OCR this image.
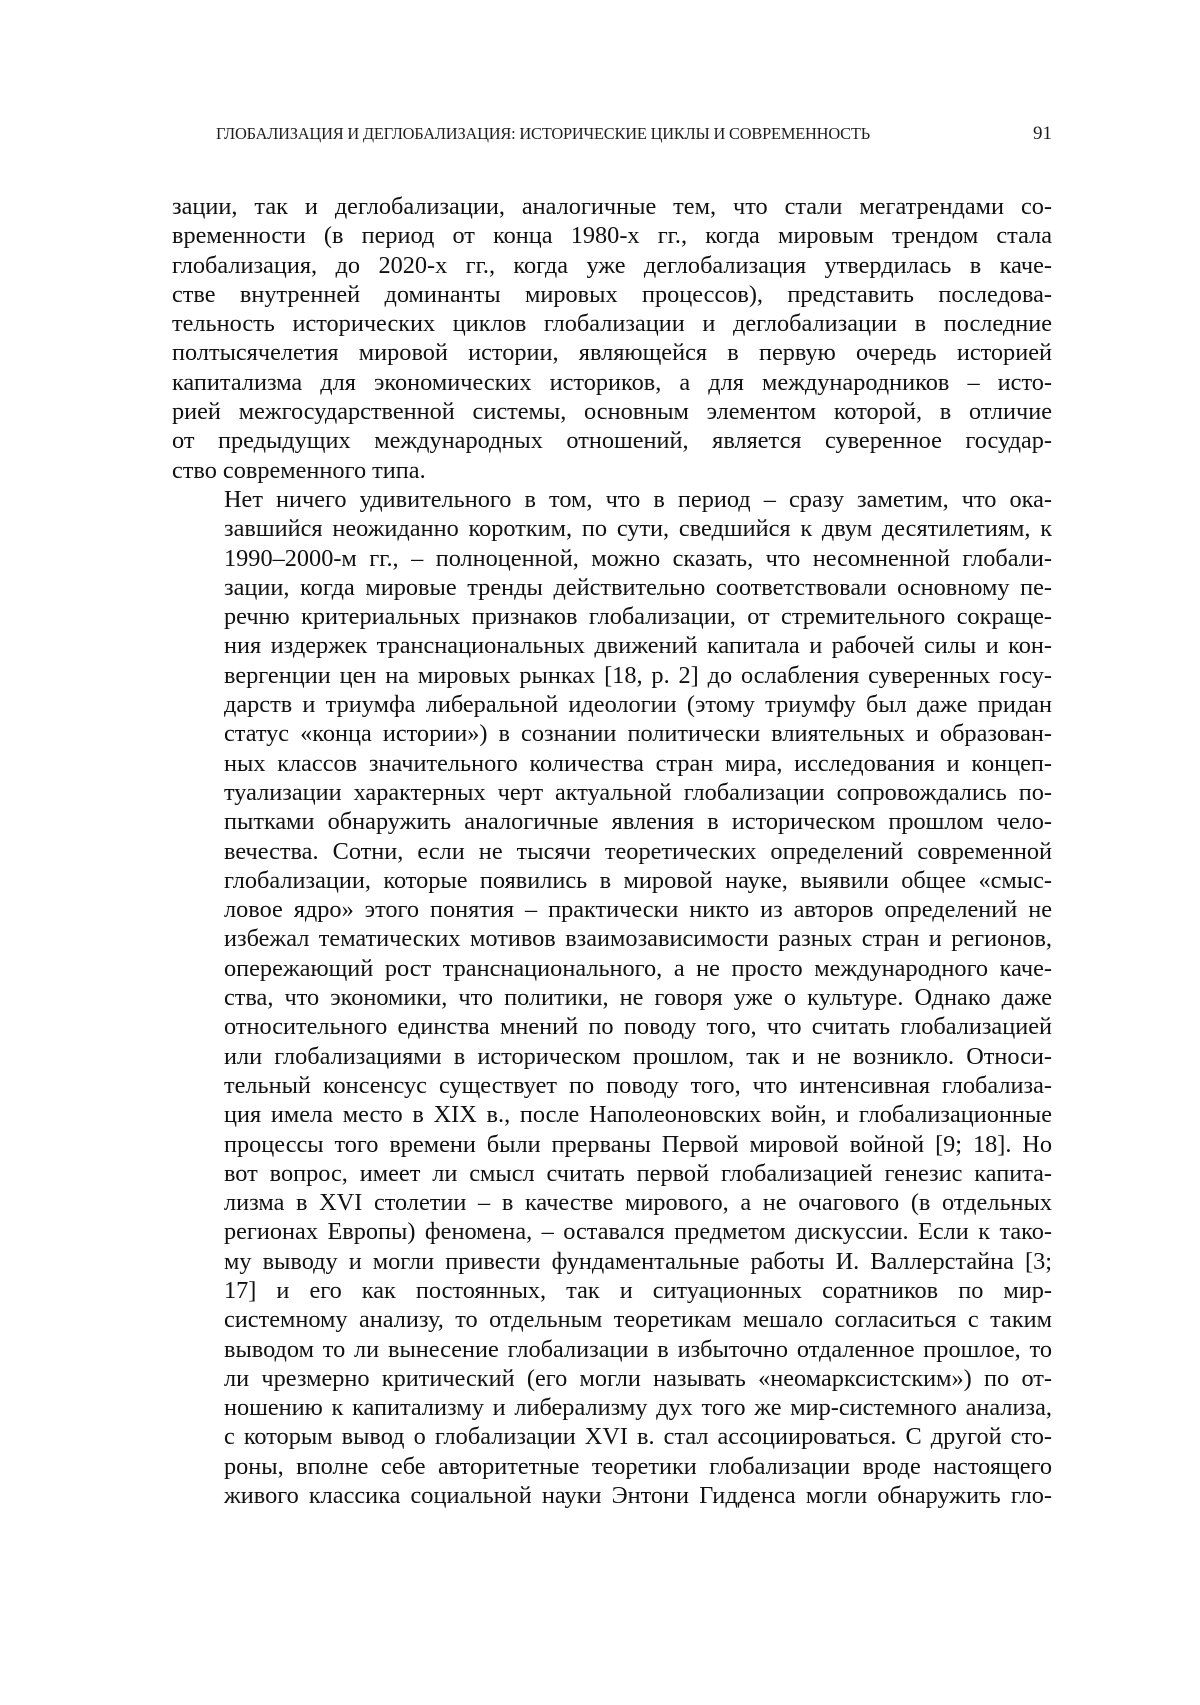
ГЛОБАЛИЗАЦИЯ И ДЕГЛОБАЛИЗАЦИЯ: ИСТОРИЧЕСКИЕ ЦИКЛЫ И СОВРЕМЕННОСТЬ	91

зации, так и деглобализации, аналогичные тем, что стали мегатрендами со-
временности (в период от конца 1980-х гг., когда мировым трендом стала
глобализация, до 2020-х гг., когда уже деглобализация утвердилась в каче-
стве внутренней доминанты мировых процессов), представить последова-
тельность исторических циклов глобализации и деглобализации в последние
полтысячелетия мировой истории, являющейся в первую очередь историей
капитализма для экономических историков, а для международников – исто-
рией межгосударственной системы, основным элементом которой, в отличие
от предыдущих международных отношений, является суверенное государ-
ство современного типа.

Нет ничего удивительного в том, что в период – сразу заметим, что ока-
завшийся неожиданно коротким, по сути, сведшийся к двум десятилетиям, к
1990–2000-м гг., – полноценной, можно сказать, что несомненной глобали-
зации, когда мировые тренды действительно соответствовали основному пе-
речню критериальных признаков глобализации, от стремительного сокраще-
ния издержек транснациональных движений капитала и рабочей силы и кон-
вергенции цен на мировых рынках [18, p. 2] до ослабления суверенных госу-
дарств и триумфа либеральной идеологии (этому триумфу был даже придан
статус «конца истории») в сознании политически влиятельных и образован-
ных классов значительного количества стран мира, исследования и концеп-
туализации характерных черт актуальной глобализации сопровождались по-
пытками обнаружить аналогичные явления в историческом прошлом чело-
вечества. Сотни, если не тысячи теоретических определений современной
глобализации, которые появились в мировой науке, выявили общее «смыс-
ловое ядро» этого понятия – практически никто из авторов определений не
избежал тематических мотивов взаимозависимости разных стран и регионов,
опережающий рост транснационального, а не просто международного каче-
ства, что экономики, что политики, не говоря уже о культуре. Однако даже
относительного единства мнений по поводу того, что считать глобализацией
или глобализациями в историческом прошлом, так и не возникло. Относи-
тельный консенсус существует по поводу того, что интенсивная глобализа-
ция имела место в XIX в., после Наполеоновских войн, и глобализационные
процессы того времени были прерваны Первой мировой войной [9; 18]. Но
вот вопрос, имеет ли смысл считать первой глобализацией генезис капита-
лизма в XVI столетии – в качестве мирового, а не очагового (в отдельных
регионах Европы) феномена, – оставался предметом дискуссии. Если к тако-
му выводу и могли привести фундаментальные работы И. Валлерстайна [3;
17] и его как постоянных, так и ситуационных соратников по мир-
системному анализу, то отдельным теоретикам мешало согласиться с таким
выводом то ли вынесение глобализации в избыточно отдаленное прошлое, то
ли чрезмерно критический (его могли называть «неомарксистским») по от-
ношению к капитализму и либерализму дух того же мир-системного анализа,
с которым вывод о глобализации XVI в. стал ассоциироваться. С другой сто-
роны, вполне себе авторитетные теоретики глобализации вроде настоящего
живого классика социальной науки Энтони Гидденса могли обнаружить гло-
